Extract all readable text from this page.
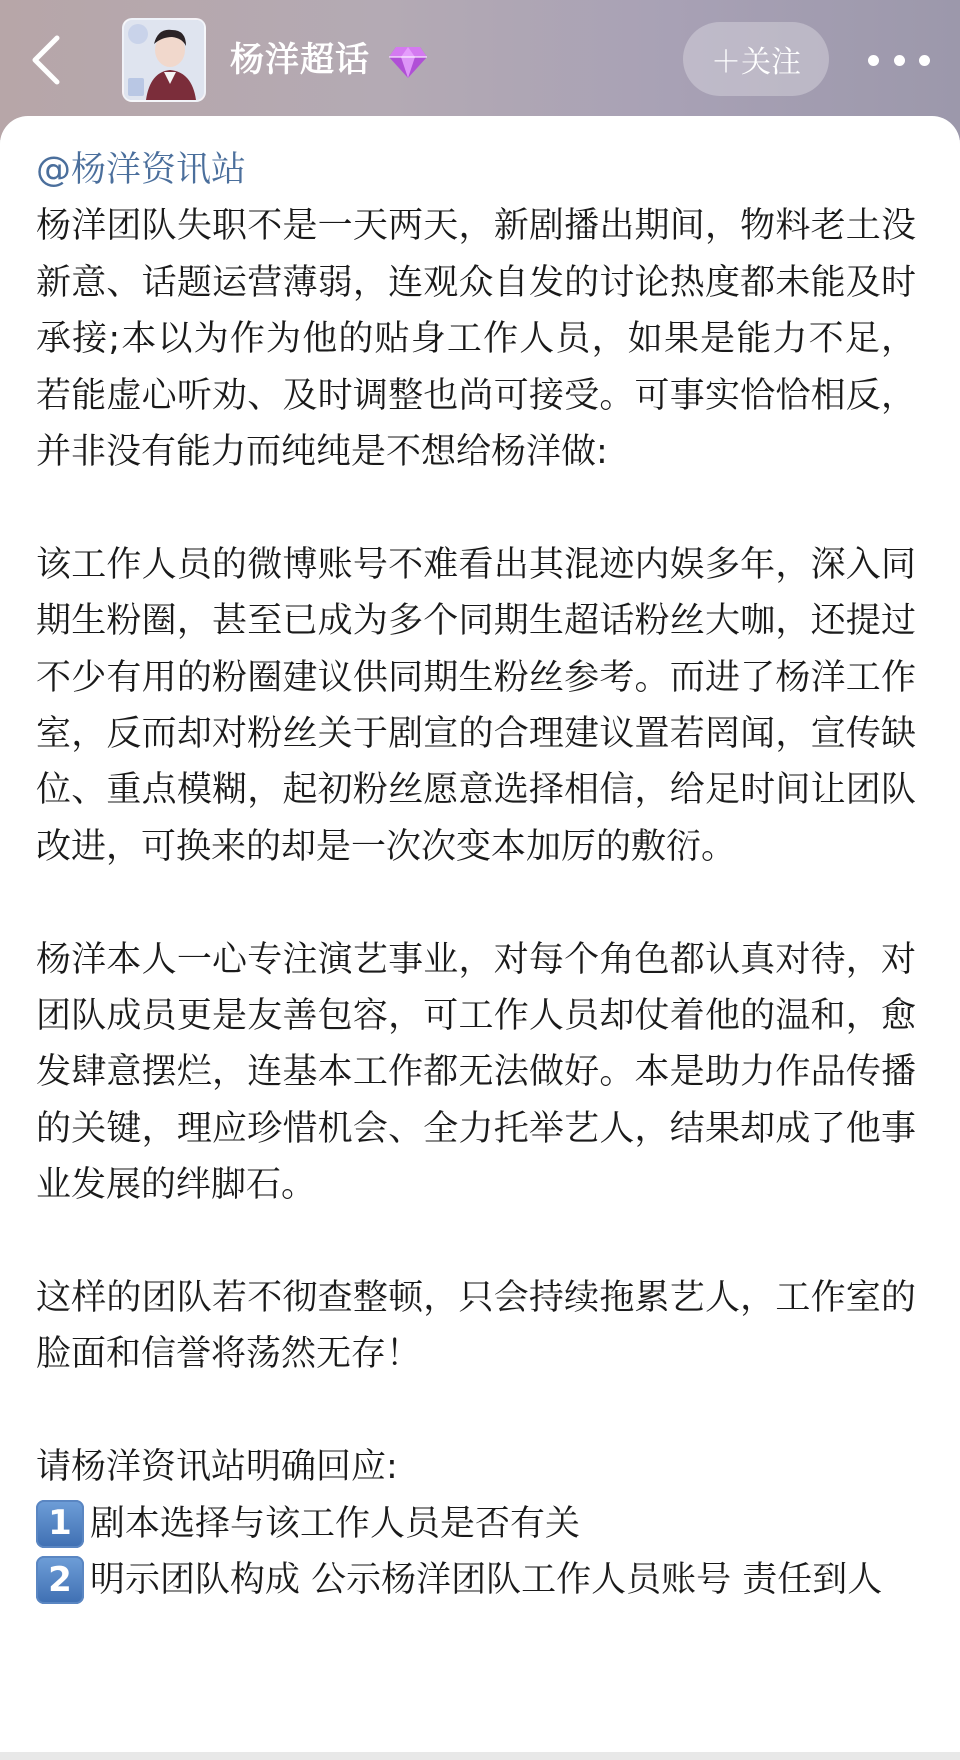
杨洋超话	＋关注
@杨洋资讯站

杨洋团队失职不是一天两天，新剧播出期间，物料老土没新意、话题运营薄弱，连观众自发的讨论热度都未能及时承接;本以为作为他的贴身工作人员，如果是能力不足，若能虚心听劝、及时调整也尚可接受。可事实恰恰相反，并非没有能力而纯纯是不想给杨洋做:

该工作人员的微博账号不难看出其混迹内娱多年，深入同期生粉圈，甚至已成为多个同期生超话粉丝大咖，还提过不少有用的粉圈建议供同期生粉丝参考。而进了杨洋工作室，反而却对粉丝关于剧宣的合理建议置若罔闻，宣传缺位、重点模糊，起初粉丝愿意选择相信，给足时间让团队改进，可换来的却是一次次变本加厉的敷衍。

杨洋本人一心专注演艺事业，对每个角色都认真对待，对团队成员更是友善包容，可工作人员却仗着他的温和，愈发肆意摆烂，连基本工作都无法做好。本是助力作品传播的关键，理应珍惜机会、全力托举艺人，结果却成了他事业发展的绊脚石。

这样的团队若不彻查整顿，只会持续拖累艺人，工作室的脸面和信誉将荡然无存！

请杨洋资讯站明确回应:

1 剧本选择与该工作人员是否有关
2 明示团队构成 公示杨洋团队工作人员账号 责任到人
